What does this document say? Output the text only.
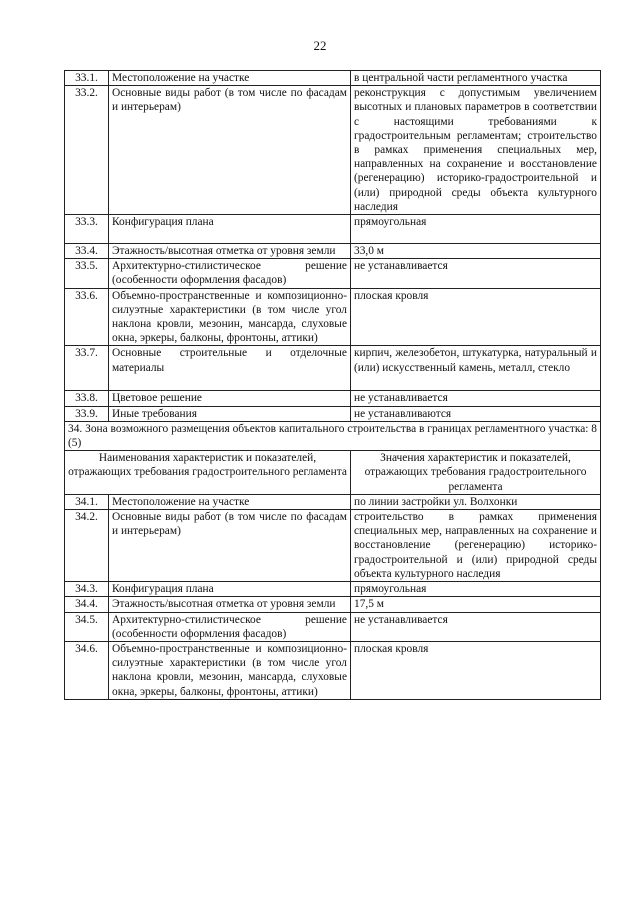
22
33.1.	Местоположение на участке	в центральной части регламентного участка
33.2.	Основные виды работ (в том числе по фасадам и интерьерам)	реконструкция с допустимым увеличением высотных и плановых параметров в соответствии с настоящими требованиями к градостроительным регламентам; строительство в рамках применения специальных мер, направленных на сохранение и восстановление (регенерацию) историко-градостроительной и (или) природной среды объекта культурного наследия
33.3.	Конфигурация плана	прямоугольная
33.4.	Этажность/высотная отметка от уровня земли	33,0 м
33.5.	Архитектурно-стилистическое решение (особенности оформления фасадов)	не устанавливается
33.6.	Объемно-пространственные и композиционно-силуэтные характеристики (в том числе угол наклона кровли, мезонин, мансарда, слуховые окна, эркеры, балконы, фронтоны, аттики)	плоская кровля
33.7.	Основные строительные и отделочные материалы	кирпич, железобетон, штукатурка, натуральный и (или) искусственный камень, металл, стекло
33.8.	Цветовое решение	не устанавливается
33.9.	Иные требования	не устанавливаются
34. Зона возможного размещения объектов капитального строительства в границах регламентного участка: 8 (5)		
Наименования характеристик и показателей, отражающих требования градостроительного регламента		Значения характеристик и показателей, отражающих требования градостроительного регламента
34.1.	Местоположение на участке	по линии застройки ул. Волхонки
34.2.	Основные виды работ (в том числе по фасадам и интерьерам)	строительство в рамках применения специальных мер, направленных на сохранение и восстановление (регенерацию) историко-градостроительной и (или) природной среды объекта культурного наследия
34.3.	Конфигурация плана	прямоугольная
34.4.	Этажность/высотная отметка от уровня земли	17,5 м
34.5.	Архитектурно-стилистическое решение (особенности оформления фасадов)	не устанавливается
34.6.	Объемно-пространственные и композиционно-силуэтные характеристики (в том числе угол наклона кровли, мезонин, мансарда, слуховые окна, эркеры, балконы, фронтоны, аттики)	плоская кровля
